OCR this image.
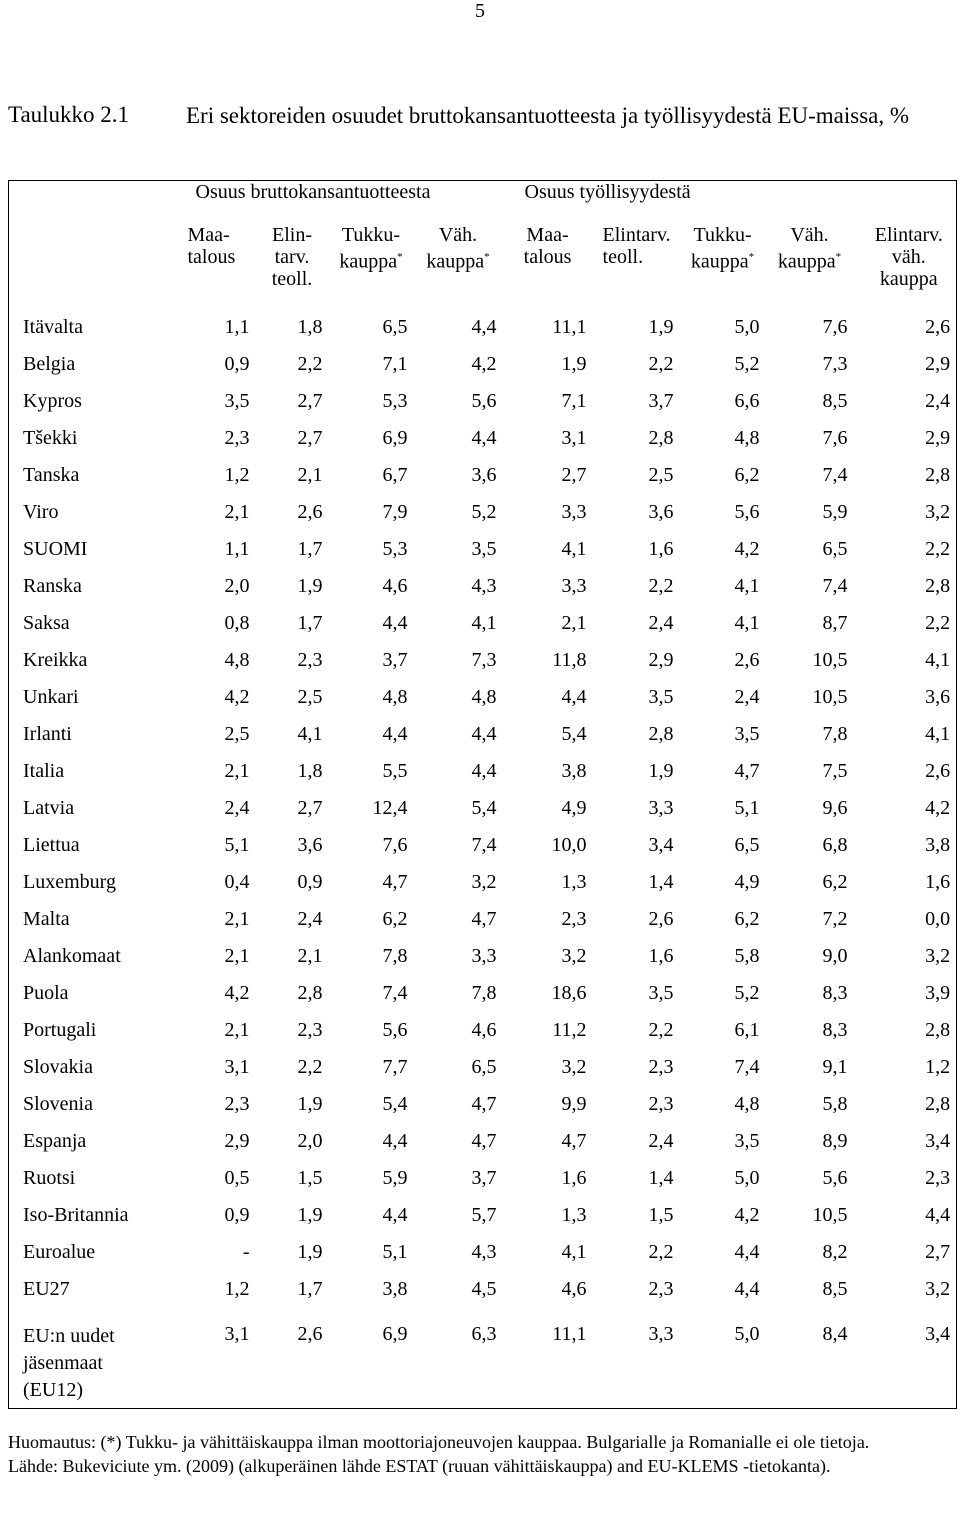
5
Taulukko 2.1 Eri sektoreiden osuudet bruttokansantuotteesta ja työllisyydestä EU-maissa, %
	Osuus bruttokansantuotteesta				Osuus työllisyydestä				

	Maa-
talous	Elin-
tarv.
teoll.	Tukku-
kauppa*	Väh.
kauppa*	Maa-
talous	Elintarv.
teoll.	Tukku-
kauppa*	Väh.
kauppa*	Elintarv.
väh.
kauppa

Itävalta	1,1	1,8	6,5	4,4	11,1	1,9	5,0	7,6	2,6
Belgia	0,9	2,2	7,1	4,2	1,9	2,2	5,2	7,3	2,9
Kypros	3,5	2,7	5,3	5,6	7,1	3,7	6,6	8,5	2,4
Tšekki	2,3	2,7	6,9	4,4	3,1	2,8	4,8	7,6	2,9
Tanska	1,2	2,1	6,7	3,6	2,7	2,5	6,2	7,4	2,8
Viro	2,1	2,6	7,9	5,2	3,3	3,6	5,6	5,9	3,2
SUOMI	1,1	1,7	5,3	3,5	4,1	1,6	4,2	6,5	2,2
Ranska	2,0	1,9	4,6	4,3	3,3	2,2	4,1	7,4	2,8
Saksa	0,8	1,7	4,4	4,1	2,1	2,4	4,1	8,7	2,2
Kreikka	4,8	2,3	3,7	7,3	11,8	2,9	2,6	10,5	4,1
Unkari	4,2	2,5	4,8	4,8	4,4	3,5	2,4	10,5	3,6
Irlanti	2,5	4,1	4,4	4,4	5,4	2,8	3,5	7,8	4,1
Italia	2,1	1,8	5,5	4,4	3,8	1,9	4,7	7,5	2,6
Latvia	2,4	2,7	12,4	5,4	4,9	3,3	5,1	9,6	4,2
Liettua	5,1	3,6	7,6	7,4	10,0	3,4	6,5	6,8	3,8
Luxemburg	0,4	0,9	4,7	3,2	1,3	1,4	4,9	6,2	1,6
Malta	2,1	2,4	6,2	4,7	2,3	2,6	6,2	7,2	0,0
Alankomaat	2,1	2,1	7,8	3,3	3,2	1,6	5,8	9,0	3,2
Puola	4,2	2,8	7,4	7,8	18,6	3,5	5,2	8,3	3,9
Portugali	2,1	2,3	5,6	4,6	11,2	2,2	6,1	8,3	2,8
Slovakia	3,1	2,2	7,7	6,5	3,2	2,3	7,4	9,1	1,2
Slovenia	2,3	1,9	5,4	4,7	9,9	2,3	4,8	5,8	2,8
Espanja	2,9	2,0	4,4	4,7	4,7	2,4	3,5	8,9	3,4
Ruotsi	0,5	1,5	5,9	3,7	1,6	1,4	5,0	5,6	2,3
Iso-Britannia	0,9	1,9	4,4	5,7	1,3	1,5	4,2	10,5	4,4
Euroalue	-	1,9	5,1	4,3	4,1	2,2	4,4	8,2	2,7
EU27	1,2	1,7	3,8	4,5	4,6	2,3	4,4	8,5	3,2

EU:n uudet
jäsenmaat
(EU12)	3,1	2,6	6,9	6,3	11,1	3,3	5,0	8,4	3,4

Huomautus: (*) Tukku- ja vähittäiskauppa ilman moottoriajoneuvojen kauppaa. Bulgarialle ja Romanialle ei ole tietoja.

Lähde: Bukeviciute ym. (2009) (alkuperäinen lähde ESTAT (ruuan vähittäiskauppa) and EU-KLEMS -tietokanta).
